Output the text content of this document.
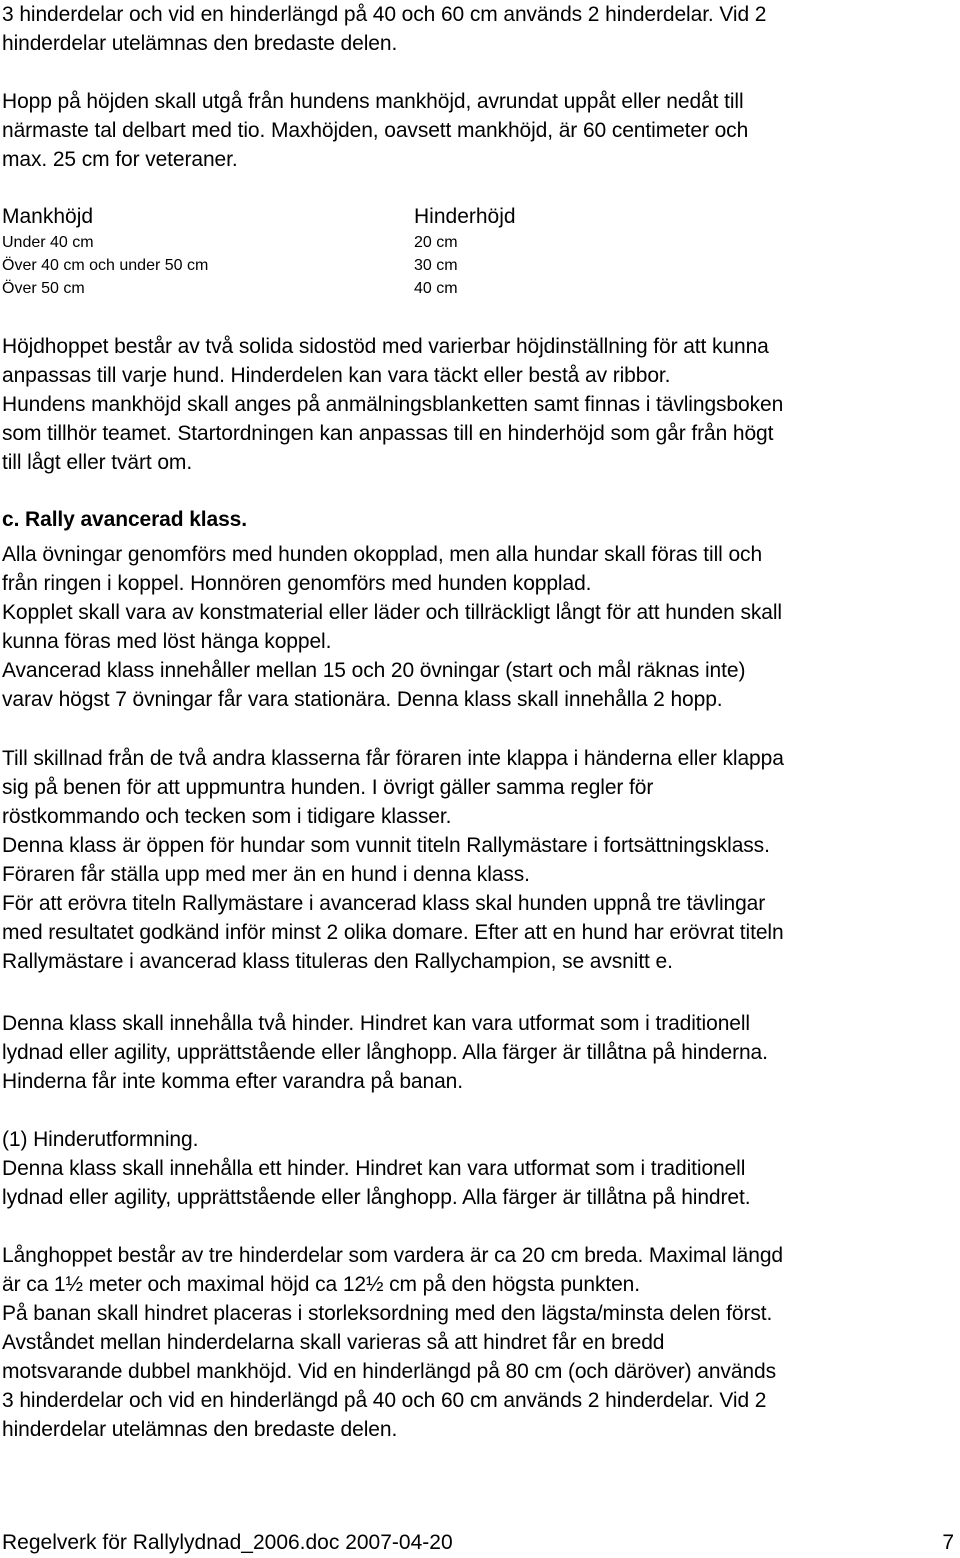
3 hinderdelar och vid en hinderlängd på 40 och 60 cm används 2 hinderdelar. Vid 2
hinderdelar utelämnas den bredaste delen.
Hopp på höjden skall utgå från hundens mankhöjd, avrundat uppåt eller nedåt till
närmaste tal delbart med tio. Maxhöjden, oavsett mankhöjd, är 60 centimeter och
max. 25 cm for veteraner.
Mankhöjd	Hinderhöjd
Under 40 cm	20 cm
Över 40 cm och under 50 cm	30 cm
Över 50 cm	40 cm
Höjdhoppet består av två solida sidostöd med varierbar höjdinställning för att kunna
anpassas till varje hund. Hinderdelen kan vara täckt eller bestå av ribbor.
Hundens mankhöjd skall anges på anmälningsblanketten samt finnas i tävlingsboken
som tillhör teamet. Startordningen kan anpassas till en hinderhöjd som går från högt
till lågt eller tvärt om.
c. Rally avancerad klass.
Alla övningar genomförs med hunden okopplad, men alla hundar skall föras till och
från ringen i koppel. Honnören genomförs med hunden kopplad.
Kopplet skall vara av konstmaterial eller läder och tillräckligt långt för att hunden skall
kunna föras med löst hänga koppel.
Avancerad klass innehåller mellan 15 och 20 övningar (start och mål räknas inte)
varav högst 7 övningar får vara stationära. Denna klass skall innehålla 2 hopp.
Till skillnad från de två andra klasserna får föraren inte klappa i händerna eller klappa
sig på benen för att uppmuntra hunden. I övrigt gäller samma regler för
röstkommando och tecken som i tidigare klasser.
Denna klass är öppen för hundar som vunnit titeln Rallymästare i fortsättningsklass.
Föraren får ställa upp med mer än en hund i denna klass.
För att erövra titeln Rallymästare i avancerad klass skal hunden uppnå tre tävlingar
med resultatet godkänd inför minst 2 olika domare. Efter att en hund har erövrat titeln
Rallymästare i avancerad klass tituleras den Rallychampion, se avsnitt e.
Denna klass skall innehålla två hinder. Hindret kan vara utformat som i traditionell
lydnad eller agility, upprättstående eller långhopp. Alla färger är tillåtna på hinderna.
Hinderna får inte komma efter varandra på banan.
(1) Hinderutformning.
Denna klass skall innehålla ett hinder. Hindret kan vara utformat som i traditionell
lydnad eller agility, upprättstående eller långhopp. Alla färger är tillåtna på hindret.
Långhoppet består av tre hinderdelar som vardera är ca 20 cm breda. Maximal längd
är ca 1½ meter och maximal höjd ca 12½ cm på den högsta punkten.
På banan skall hindret placeras i storleksordning med den lägsta/minsta delen först.
Avståndet mellan hinderdelarna skall varieras så att hindret får en bredd
motsvarande dubbel mankhöjd. Vid en hinderlängd på 80 cm (och däröver) används
3 hinderdelar och vid en hinderlängd på 40 och 60 cm används 2 hinderdelar. Vid 2
hinderdelar utelämnas den bredaste delen.
Regelverk för Rallylydnad_2006.doc 2007-04-20	7
